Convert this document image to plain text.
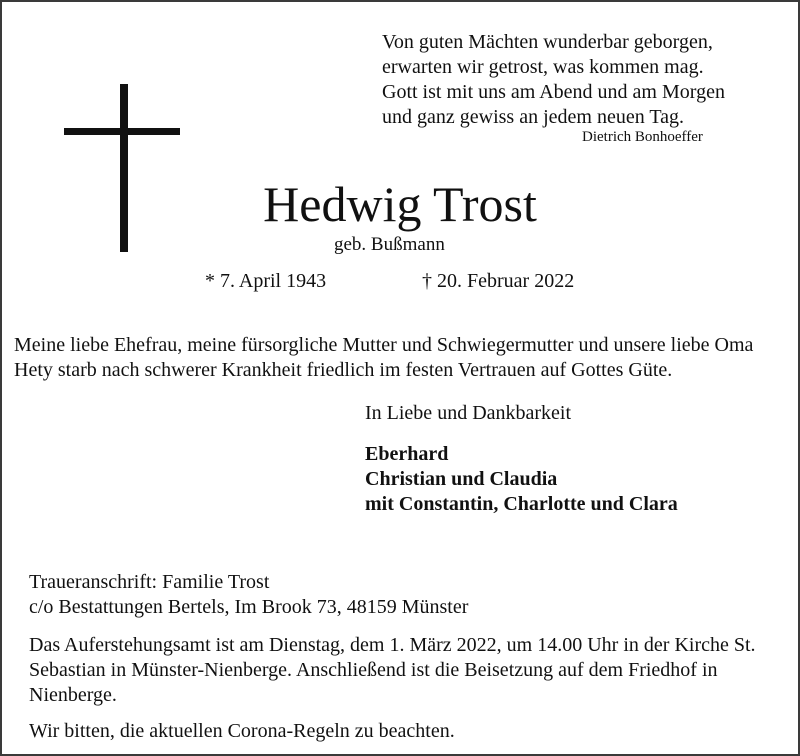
Von guten Mächten wunderbar geborgen,
erwarten wir getrost, was kommen mag.
Gott ist mit uns am Abend und am Morgen
und ganz gewiss an jedem neuen Tag.
Dietrich Bonhoeffer
Hedwig Trost
geb. Bußmann
* 7. April 1943	† 20. Februar 2022
Meine liebe Ehefrau, meine fürsorgliche Mutter und Schwiegermutter und unsere liebe Oma Hety starb nach schwerer Krankheit friedlich im festen Vertrauen auf Gottes Güte.
In Liebe und Dankbarkeit
Eberhard
Christian und Claudia
mit Constantin, Charlotte und Clara
Traueranschrift: Familie Trost
c/o Bestattungen Bertels, Im Brook 73, 48159 Münster
Das Auferstehungsamt ist am Dienstag, dem 1. März 2022, um 14.00 Uhr in der Kirche St. Sebastian in Münster-Nienberge. Anschließend ist die Beisetzung auf dem Friedhof in Nienberge.
Wir bitten, die aktuellen Corona-Regeln zu beachten.
